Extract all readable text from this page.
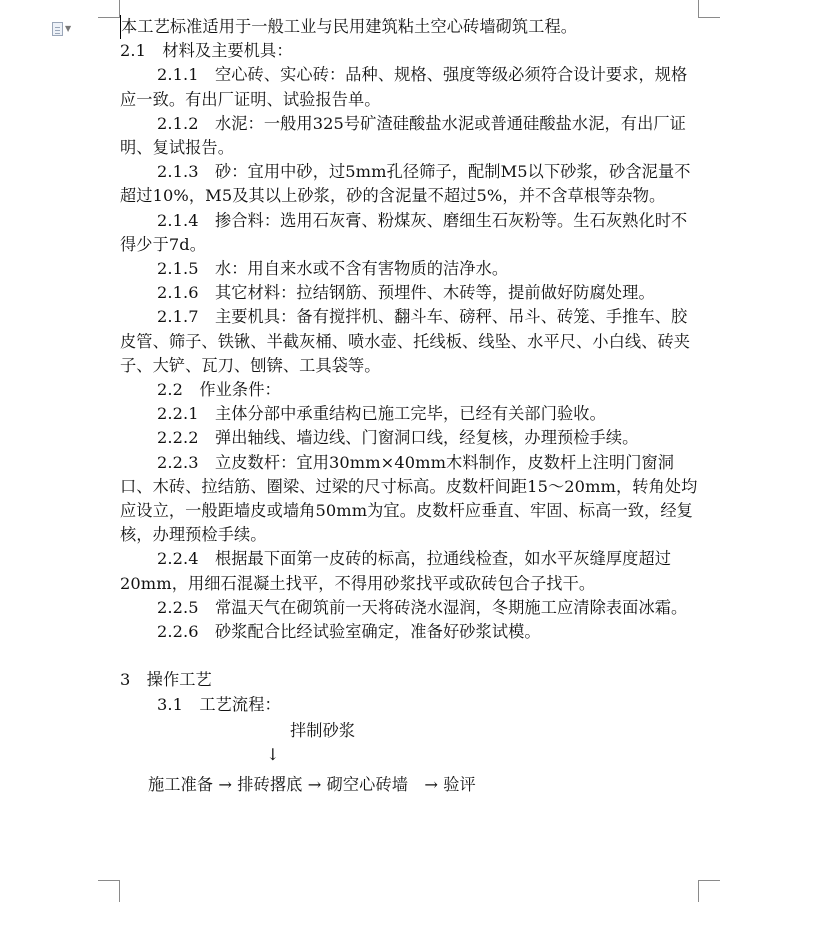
▼	本工艺标准适用于一般工业与民用建筑粘土空心砖墙砌筑工程。

2.1　材料及主要机具：

2.1.1　空心砖、实心砖：品种、规格、强度等级必须符合设计要求，规格应一致。有出厂证明、试验报告单。

2.1.2　水泥：一般用325号矿渣硅酸盐水泥或普通硅酸盐水泥，有出厂证明、复试报告。

2.1.3　砂：宜用中砂，过5mm孔径筛子，配制M5以下砂浆，砂含泥量不超过10%，M5及其以上砂浆，砂的含泥量不超过5%，并不含草根等杂物。

2.1.4　掺合料：选用石灰膏、粉煤灰、磨细生石灰粉等。生石灰熟化时不得少于7d。

2.1.5　水：用自来水或不含有害物质的洁净水。

2.1.6　其它材料：拉结钢筋、预埋件、木砖等，提前做好防腐处理。

2.1.7　主要机具：备有搅拌机、翻斗车、磅秤、吊斗、砖笼、手推车、胶皮管、筛子、铁锹、半截灰桶、喷水壶、托线板、线坠、水平尺、小白线、砖夹子、大铲、瓦刀、刨锛、工具袋等。

2.2　作业条件：

2.2.1　主体分部中承重结构已施工完毕，已经有关部门验收。

2.2.2　弹出轴线、墙边线、门窗洞口线，经复核，办理预检手续。

2.2.3　立皮数杆：宜用30mm×40mm木料制作，皮数杆上注明门窗洞口、木砖、拉结筋、圈梁、过梁的尺寸标高。皮数杆间距15～20mm，转角处均应设立，一般距墙皮或墙角50mm为宜。皮数杆应垂直、牢固、标高一致，经复核，办理预检手续。

2.2.4　根据最下面第一皮砖的标高，拉通线检查，如水平灰缝厚度超过20mm，用细石混凝土找平，不得用砂浆找平或砍砖包合子找干。

2.2.5　常温天气在砌筑前一天将砖浇水湿润，冬期施工应清除表面冰霜。

2.2.6　砂浆配合比经试验室确定，准备好砂浆试模。

3　操作工艺

3.1　工艺流程：

拌制砂浆
↓
施工准备 → 排砖撂底 → 砌空心砖墙　→ 验评
